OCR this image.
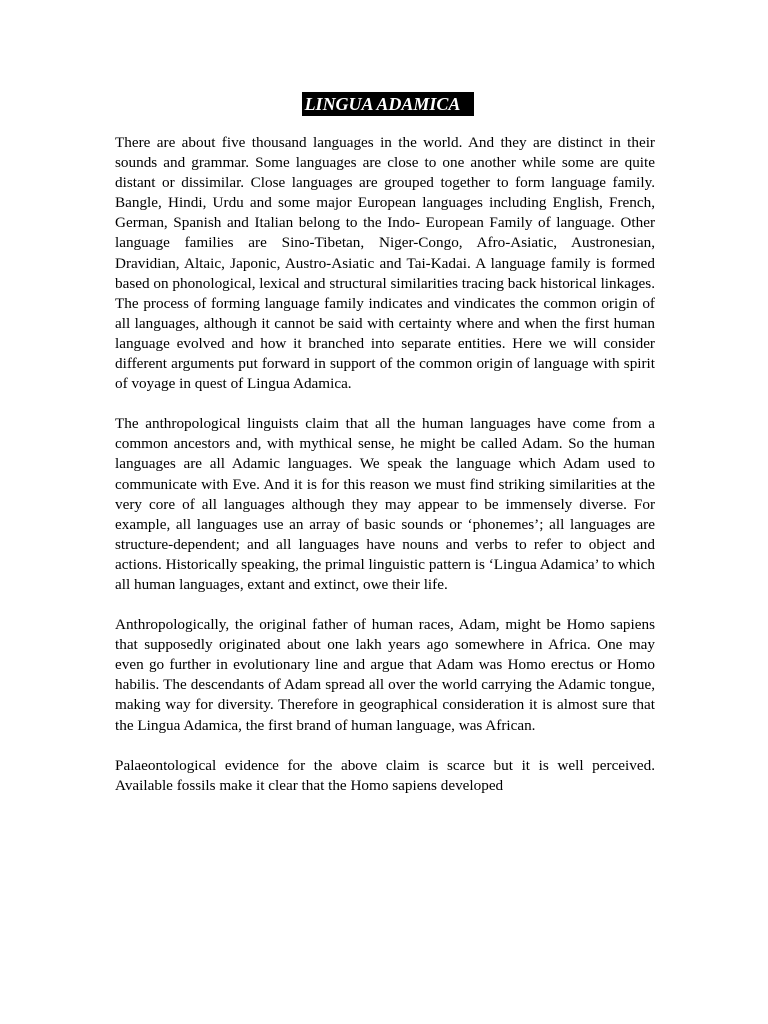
LINGUA ADAMICA

There are about five thousand languages in the world. And they are distinct in their sounds and grammar. Some languages are close to one another while some are quite distant or dissimilar. Close languages are grouped together to form language family. Bangle, Hindi, Urdu and some major European languages including English, French, German, Spanish and Italian belong to the Indo- European Family of language. Other language families are Sino-Tibetan, Niger-Congo, Afro-Asiatic, Austronesian, Dravidian, Altaic, Japonic, Austro-Asiatic and Tai-Kadai. A language family is formed based on phonological, lexical and structural similarities tracing back historical linkages. The process of forming language family indicates and vindicates the common origin of all languages, although it cannot be said with certainty where and when the first human language evolved and how it branched into separate entities. Here we will consider different arguments put forward in support of the common origin of language with spirit of voyage in quest of Lingua Adamica.

The anthropological linguists claim that all the human languages have come from a common ancestors and, with mythical sense, he might be called Adam. So the human languages are all Adamic languages. We speak the language which Adam used to communicate with Eve. And it is for this reason we must find striking similarities at the very core of all languages although they may appear to be immensely diverse. For example, all languages use an array of basic sounds or ‘phonemes’; all languages are structure-dependent; and all languages have nouns and verbs to refer to object and actions. Historically speaking, the primal linguistic pattern is ‘Lingua Adamica’ to which all human languages, extant and extinct, owe their life.

Anthropologically, the original father of human races, Adam, might be Homo sapiens that supposedly originated about one lakh years ago somewhere in Africa. One may even go further in evolutionary line and argue that Adam was Homo erectus or Homo habilis. The descendants of Adam spread all over the world carrying the Adamic tongue, making way for diversity. Therefore in geographical consideration it is almost sure that the Lingua Adamica, the first brand of human language, was African.

Palaeontological evidence for the above claim is scarce but it is well perceived. Available fossils make it clear that the Homo sapiens developed
